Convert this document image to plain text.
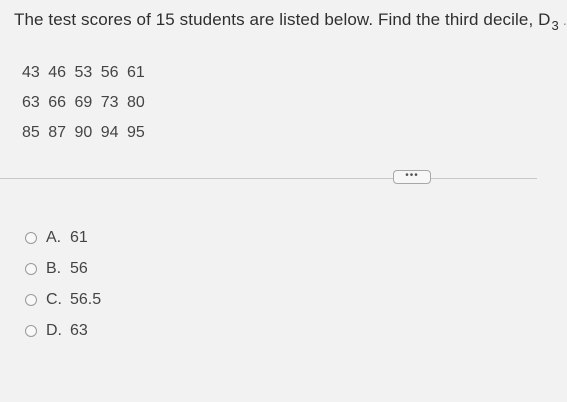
The test scores of 15 students are listed below. Find the third decile, $D_3$ .
43 46 53 56 61
63 66 69 73 80
85 87 90 94 95
•••
A. 61
B. 56
C. 56.5
D. 63
